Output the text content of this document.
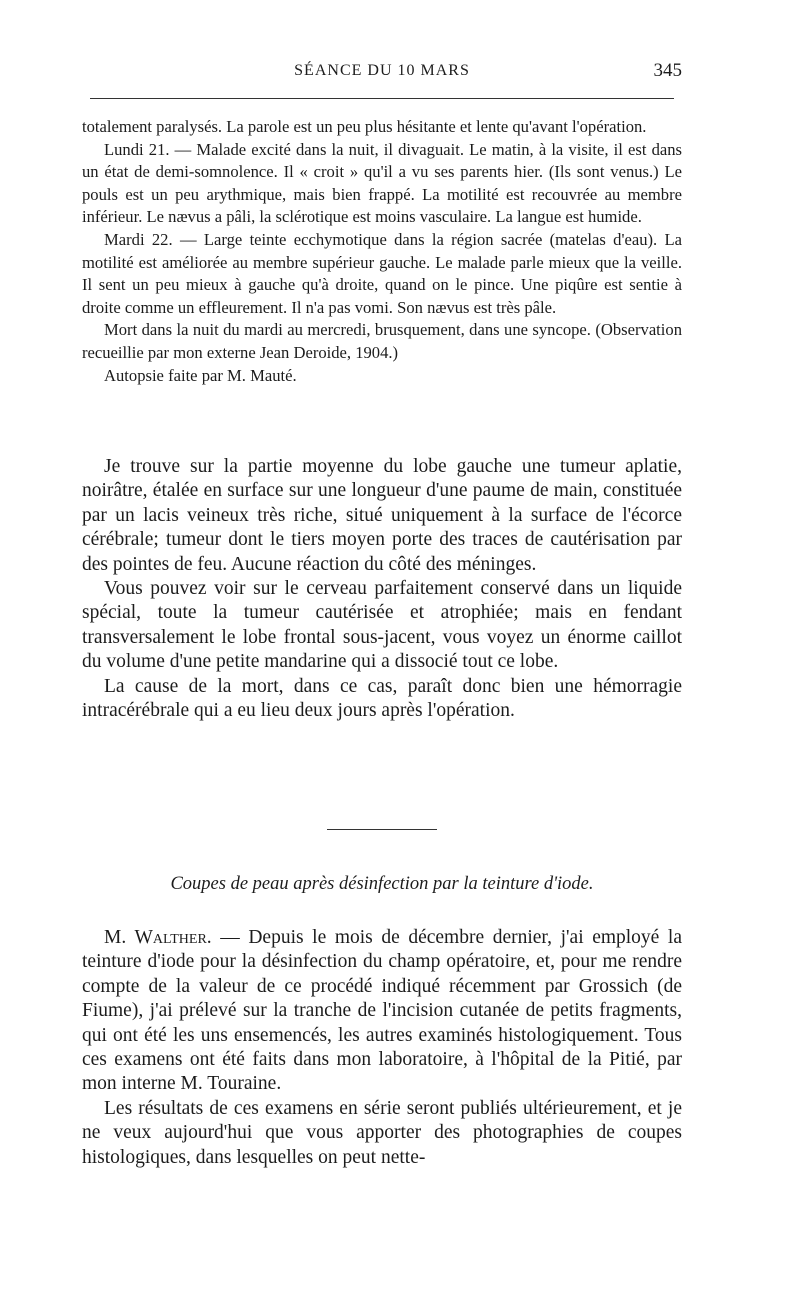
SÉANCE DU 10 MARS	345

totalement paralysés. La parole est un peu plus hésitante et lente qu'avant l'opération.

Lundi 21. — Malade excité dans la nuit, il divaguait. Le matin, à la visite, il est dans un état de demi-somnolence. Il « croit » qu'il a vu ses parents hier. (Ils sont venus.) Le pouls est un peu arythmique, mais bien frappé. La motilité est recouvrée au membre inférieur. Le nævus a pâli, la sclérotique est moins vasculaire. La langue est humide.

Mardi 22. — Large teinte ecchymotique dans la région sacrée (matelas d'eau). La motilité est améliorée au membre supérieur gauche. Le malade parle mieux que la veille. Il sent un peu mieux à gauche qu'à droite, quand on le pince. Une piqûre est sentie à droite comme un effleurement. Il n'a pas vomi. Son nævus est très pâle.

Mort dans la nuit du mardi au mercredi, brusquement, dans une syncope. (Observation recueillie par mon externe Jean Deroide, 1904.)

Autopsie faite par M. Mauté.

Je trouve sur la partie moyenne du lobe gauche une tumeur aplatie, noirâtre, étalée en surface sur une longueur d'une paume de main, constituée par un lacis veineux très riche, situé uniquement à la surface de l'écorce cérébrale; tumeur dont le tiers moyen porte des traces de cautérisation par des pointes de feu. Aucune réaction du côté des méninges.

Vous pouvez voir sur le cerveau parfaitement conservé dans un liquide spécial, toute la tumeur cautérisée et atrophiée; mais en fendant transversalement le lobe frontal sous-jacent, vous voyez un énorme caillot du volume d'une petite mandarine qui a dissocié tout ce lobe.

La cause de la mort, dans ce cas, paraît donc bien une hémorragie intracérébrale qui a eu lieu deux jours après l'opération.

Coupes de peau après désinfection par la teinture d'iode.

M. Walther. — Depuis le mois de décembre dernier, j'ai employé la teinture d'iode pour la désinfection du champ opératoire, et, pour me rendre compte de la valeur de ce procédé indiqué récemment par Grossich (de Fiume), j'ai prélevé sur la tranche de l'incision cutanée de petits fragments, qui ont été les uns ensemencés, les autres examinés histologiquement. Tous ces examens ont été faits dans mon laboratoire, à l'hôpital de la Pitié, par mon interne M. Touraine.

Les résultats de ces examens en série seront publiés ultérieurement, et je ne veux aujourd'hui que vous apporter des photographies de coupes histologiques, dans lesquelles on peut nette-
